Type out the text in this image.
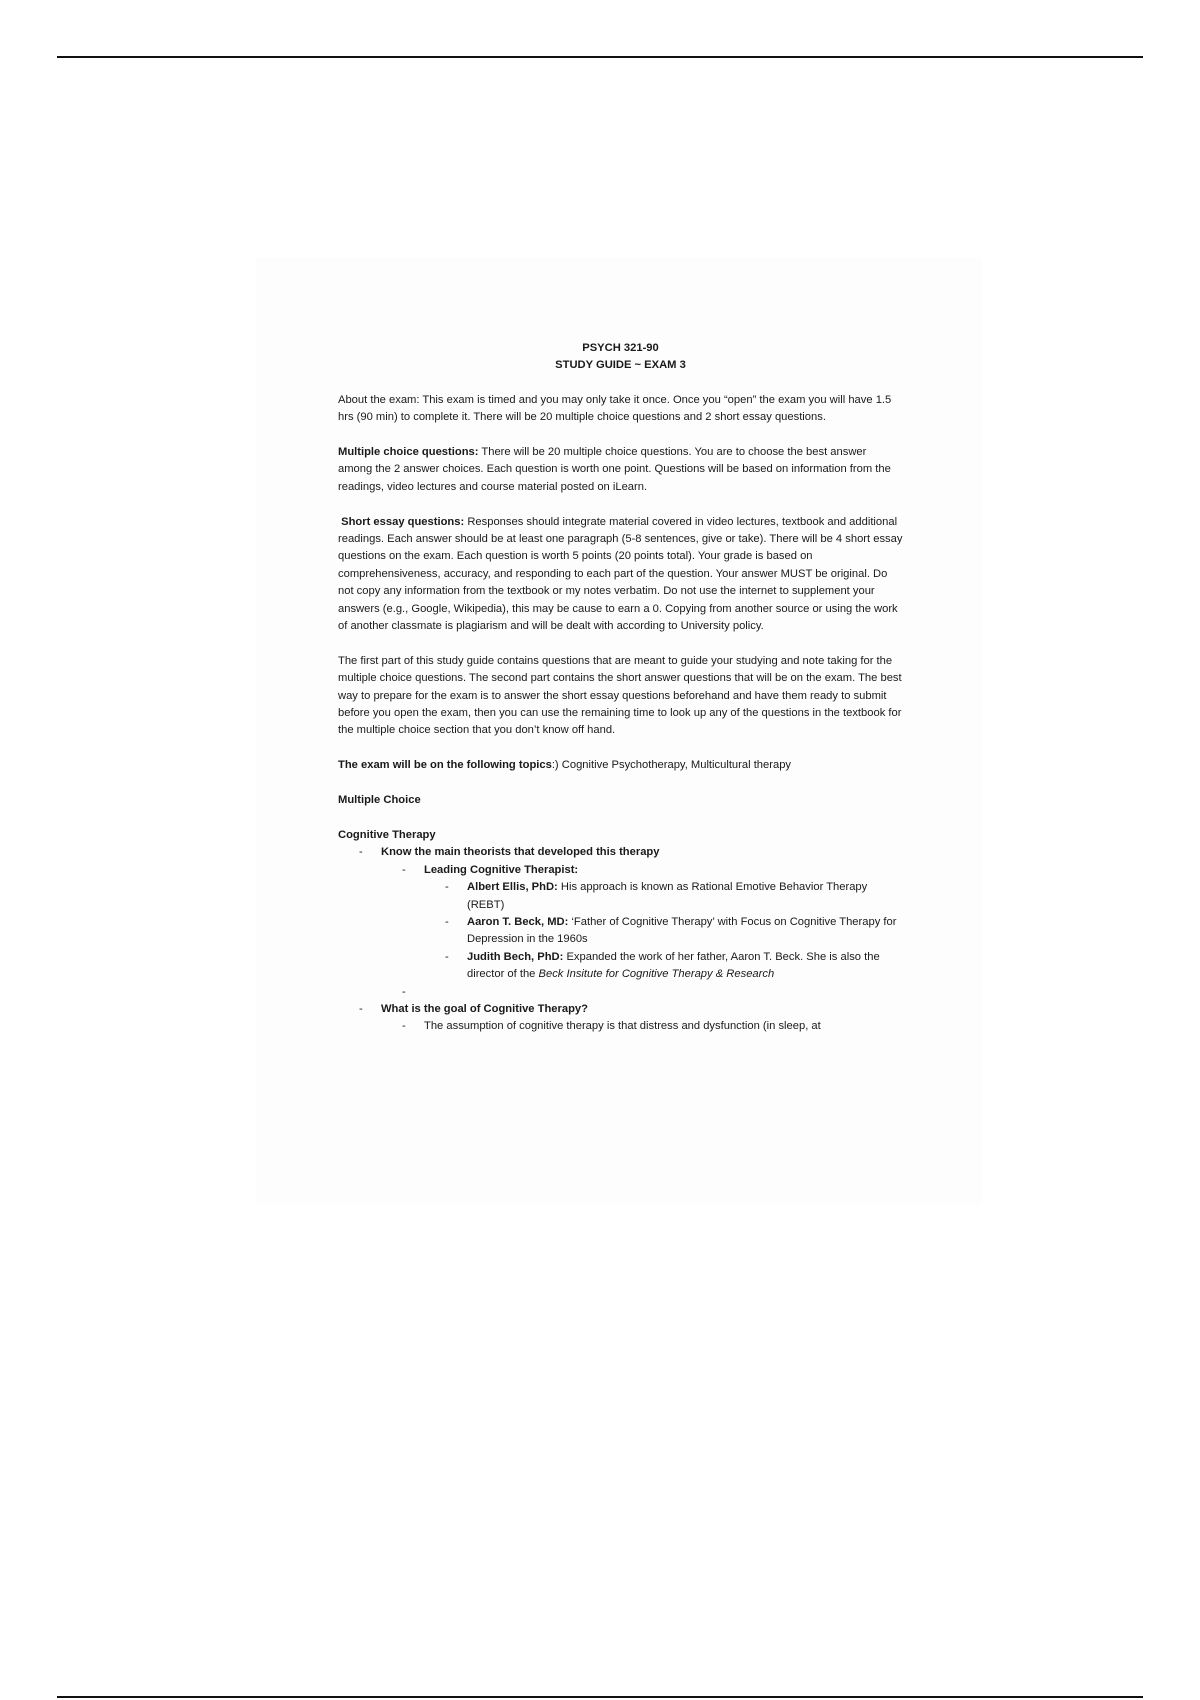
PSYCH 321-90

STUDY GUIDE ~ EXAM 3

About the exam: This exam is timed and you may only take it once. Once you “open” the exam you will have 1.5 hrs (90 min) to complete it. There will be 20 multiple choice questions and 2 short essay questions.

Multiple choice questions: There will be 20 multiple choice questions. You are to choose the best answer among the 2 answer choices. Each question is worth one point. Questions will be based on information from the readings, video lectures and course material posted on iLearn.

Short essay questions: Responses should integrate material covered in video lectures, textbook and additional readings. Each answer should be at least one paragraph (5-8 sentences, give or take). There will be 4 short essay questions on the exam. Each question is worth 5 points (20 points total). Your grade is based on comprehensiveness, accuracy, and responding to each part of the question. Your answer MUST be original. Do not copy any information from the textbook or my notes verbatim. Do not use the internet to supplement your answers (e.g., Google, Wikipedia), this may be cause to earn a 0. Copying from another source or using the work of another classmate is plagiarism and will be dealt with according to University policy.

The first part of this study guide contains questions that are meant to guide your studying and note taking for the multiple choice questions. The second part contains the short answer questions that will be on the exam. The best way to prepare for the exam is to answer the short essay questions beforehand and have them ready to submit before you open the exam, then you can use the remaining time to look up any of the questions in the textbook for the multiple choice section that you don’t know off hand.

The exam will be on the following topics:) Cognitive Psychotherapy, Multicultural therapy

Multiple Choice

Cognitive Therapy

- Know the main theorists that developed this therapy
- Leading Cognitive Therapist:
- Albert Ellis, PhD: His approach is known as Rational Emotive Behavior Therapy (REBT)
- Aaron T. Beck, MD: ‘Father of Cognitive Therapy’ with Focus on Cognitive Therapy for Depression in the 1960s
- Judith Bech, PhD: Expanded the work of her father, Aaron T. Beck. She is also the director of the Beck Insitute for Cognitive Therapy & Research
-

- What is the goal of Cognitive Therapy?
- The assumption of cognitive therapy is that distress and dysfunction (in sleep, at
